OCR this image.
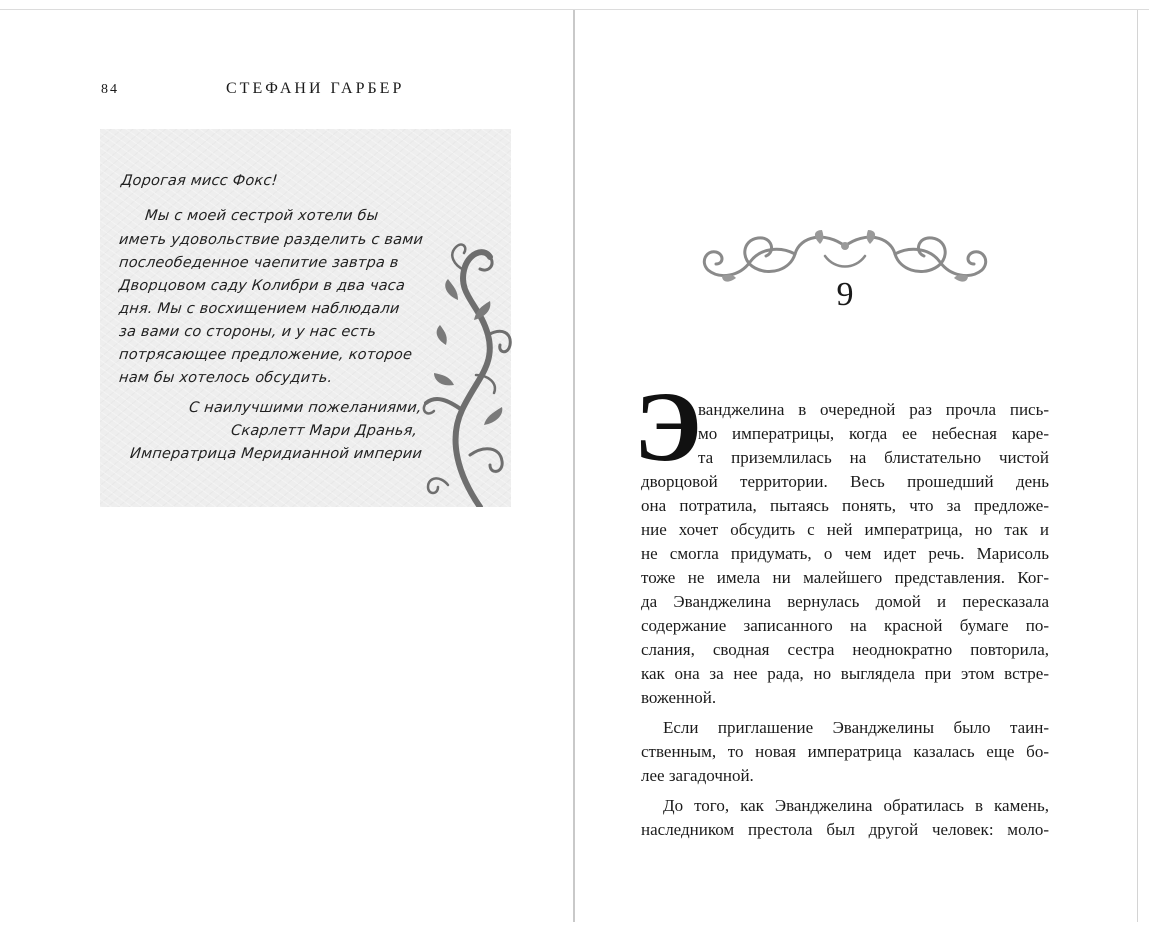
84	СТЕФАНИ ГАРБЕР
Дорогая мисс Фокс!
Мы с моей сестрой хотели бы
иметь удовольствие разделить с вами
послеобеденное чаепитие завтра в
Дворцовом саду Колибри в два часа
дня. Мы с восхищением наблюдали
за вами со стороны, и у нас есть
потрясающее предложение, которое
нам бы хотелось обсудить.
С наилучшими пожеланиями,
Скарлетт Мари Дранья,
Императрица Меридианной империи
9
Э
ванджелина в очередной раз прочла пись-
мо императрицы, когда ее небесная каре-
та приземлилась на блистательно чистой
дворцовой территории. Весь прошедший день
она потратила, пытаясь понять, что за предложе-
ние хочет обсудить с ней императрица, но так и
не смогла придумать, о чем идет речь. Марисоль
тоже не имела ни малейшего представления. Ког-
да Эванджелина вернулась домой и пересказала
содержание записанного на красной бумаге по-
слания, сводная сестра неоднократно повторила,
как она за нее рада, но выглядела при этом встре-
воженной.
Если приглашение Эванджелины было таин-
ственным, то новая императрица казалась еще бо-
лее загадочной.
До того, как Эванджелина обратилась в камень,
наследником престола был другой человек: моло-
